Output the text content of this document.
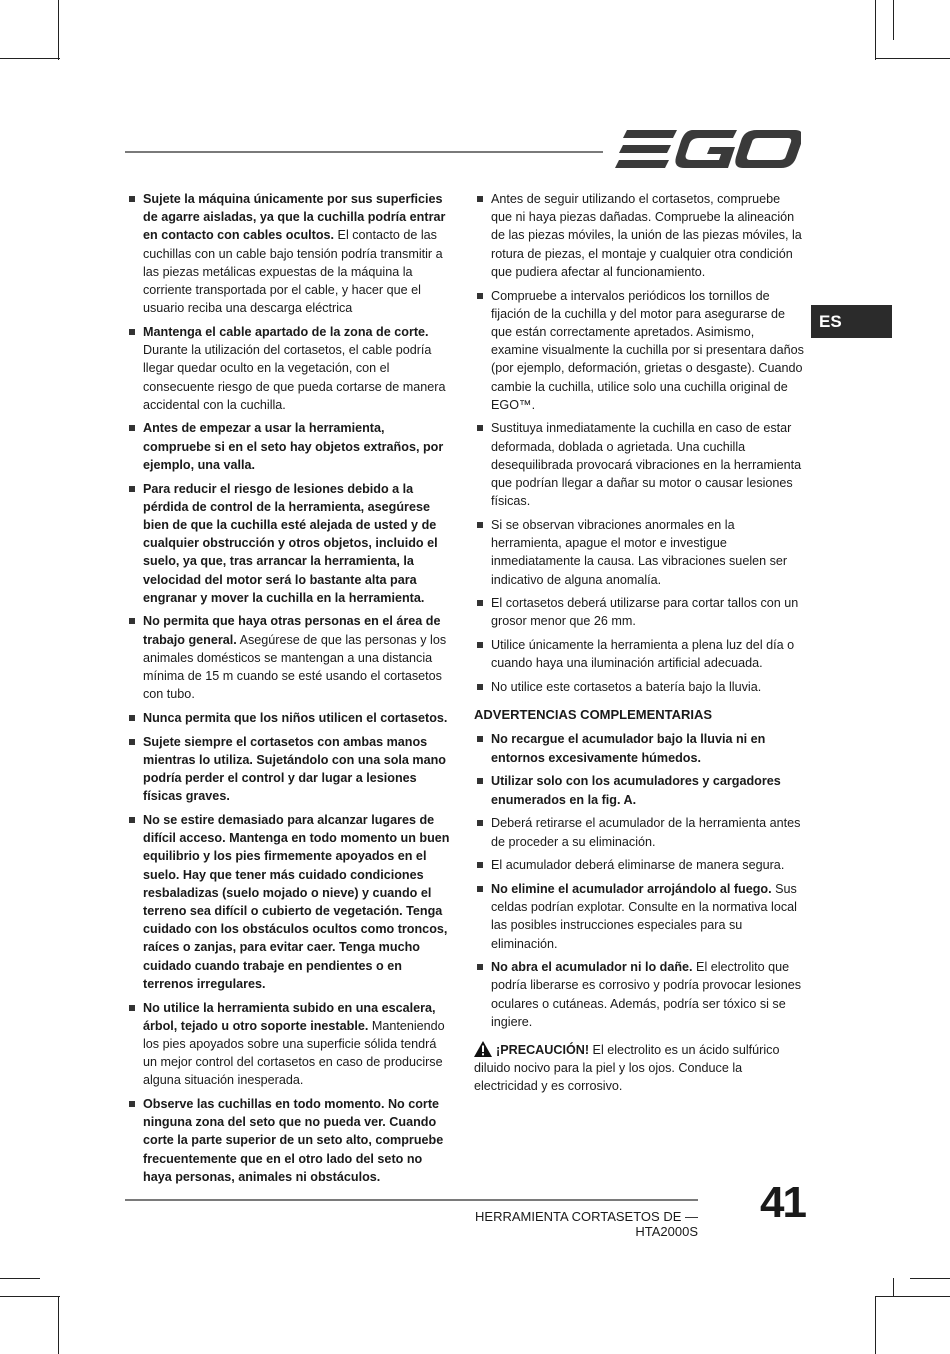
ES
Sujete la máquina únicamente por sus superficies de agarre aisladas, ya que la cuchilla podría entrar en contacto con cables ocultos. El contacto de las cuchillas con un cable bajo tensión podría transmitir a las piezas metálicas expuestas de la máquina la corriente transportada por el cable, y hacer que el usuario reciba una descarga eléctrica
Mantenga el cable apartado de la zona de corte. Durante la utilización del cortasetos, el cable podría llegar quedar oculto en la vegetación, con el consecuente riesgo de que pueda cortarse de manera accidental con la cuchilla.
Antes de empezar a usar la herramienta, compruebe si en el seto hay objetos extraños, por ejemplo, una valla.
Para reducir el riesgo de lesiones debido a la pérdida de control de la herramienta, asegúrese bien de que la cuchilla esté alejada de usted y de cualquier obstrucción y otros objetos, incluido el suelo, ya que, tras arrancar la herramienta, la velocidad del motor será lo bastante alta para engranar y mover la cuchilla en la herramienta.
No permita que haya otras personas en el área de trabajo general. Asegúrese de que las personas y los animales domésticos se mantengan a una distancia mínima de 15 m cuando se esté usando el cortasetos con tubo.
Nunca permita que los niños utilicen el cortasetos.
Sujete siempre el cortasetos con ambas manos mientras lo utiliza. Sujetándolo con una sola mano podría perder el control y dar lugar a lesiones físicas graves.
No se estire demasiado para alcanzar lugares de difícil acceso. Mantenga en todo momento un buen equilibrio y los pies firmemente apoyados en el suelo. Hay que tener más cuidado condiciones resbaladizas (suelo mojado o nieve) y cuando el terreno sea difícil o cubierto de vegetación. Tenga cuidado con los obstáculos ocultos como troncos, raíces o zanjas, para evitar caer. Tenga mucho cuidado cuando trabaje en pendientes o en terrenos irregulares.
No utilice la herramienta subido en una escalera, árbol, tejado u otro soporte inestable. Manteniendo los pies apoyados sobre una superficie sólida tendrá un mejor control del cortasetos en caso de producirse alguna situación inesperada.
Observe las cuchillas en todo momento. No corte ninguna zona del seto que no pueda ver. Cuando corte la parte superior de un seto alto, compruebe frecuentemente que en el otro lado del seto no haya personas, animales ni obstáculos.
Antes de seguir utilizando el cortasetos, compruebe que ni haya piezas dañadas. Compruebe la alineación de las piezas móviles, la unión de las piezas móviles, la rotura de piezas, el montaje y cualquier otra condición que pudiera afectar al funcionamiento.
Compruebe a intervalos periódicos los tornillos de fijación de la cuchilla y del motor para asegurarse de que están correctamente apretados. Asimismo, examine visualmente la cuchilla por si presentara daños (por ejemplo, deformación, grietas o desgaste). Cuando cambie la cuchilla, utilice solo una cuchilla original de EGO™.
Sustituya inmediatamente la cuchilla en caso de estar deformada, doblada o agrietada. Una cuchilla desequilibrada provocará vibraciones en la herramienta que podrían llegar a dañar su motor o causar lesiones físicas.
Si se observan vibraciones anormales en la herramienta, apague el motor e investigue inmediatamente la causa. Las vibraciones suelen ser indicativo de alguna anomalía.
El cortasetos deberá utilizarse para cortar tallos con un grosor menor que 26 mm.
Utilice únicamente la herramienta a plena luz del día o cuando haya una iluminación artificial adecuada.
No utilice este cortasetos a batería bajo la lluvia.
ADVERTENCIAS COMPLEMENTARIAS
No recargue el acumulador bajo la lluvia ni en entornos excesivamente húmedos.
Utilizar solo con los acumuladores y cargadores enumerados en la fig. A.
Deberá retirarse el acumulador de la herramienta antes de proceder a su eliminación.
El acumulador deberá eliminarse de manera segura.
No elimine el acumulador arrojándolo al fuego. Sus celdas podrían explotar. Consulte en la normativa local las posibles instrucciones especiales para su eliminación.
No abra el acumulador ni lo dañe. El electrolito que podría liberarse es corrosivo y podría provocar lesiones oculares o cutáneas. Además, podría ser tóxico si se ingiere.
¡PRECAUCIÓN! El electrolito es un ácido sulfúrico diluido nocivo para la piel y los ojos. Conduce la electricidad y es corrosivo.
HERRAMIENTA CORTASETOS DE — HTA2000S
41
